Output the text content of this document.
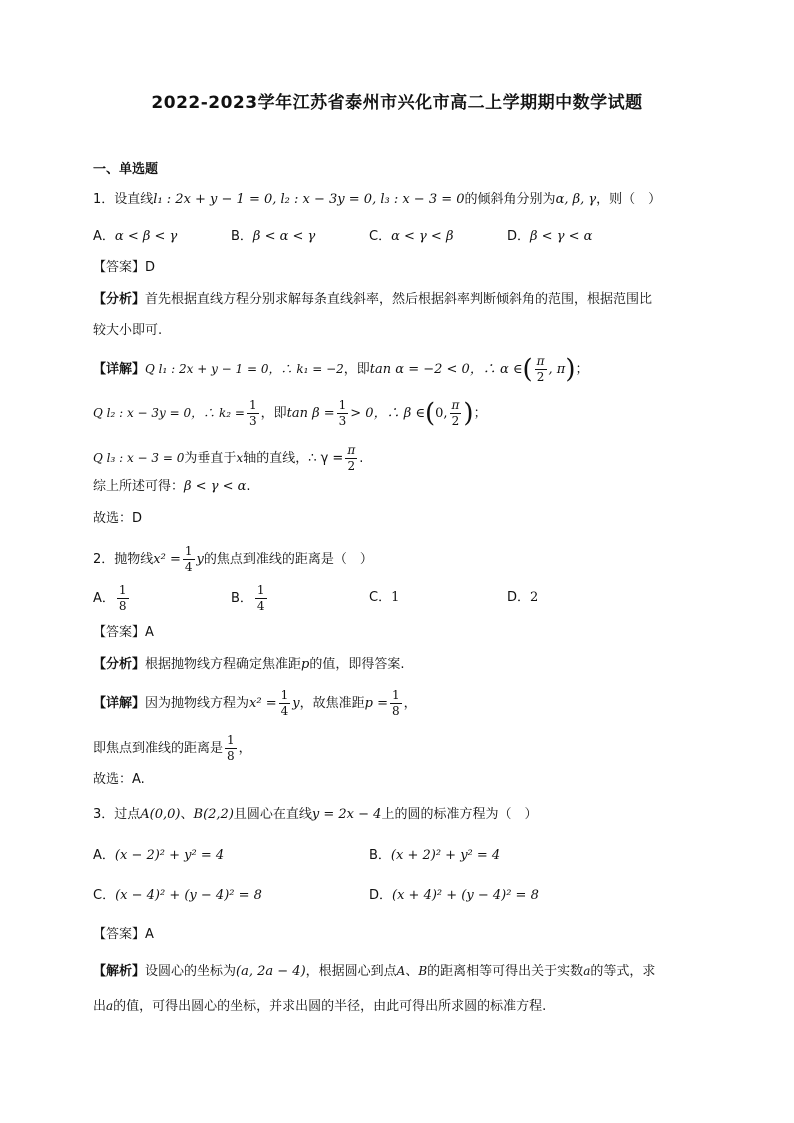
2022-2023学年江苏省泰州市兴化市高二上学期期中数学试题
一、单选题
1．设直线l₁ : 2x + y − 1 = 0, l₂ : x − 3y = 0, l₃ : x − 3 = 0的倾斜角分别为α, β, γ，则（　）
A．α < β < γ	B．β < α < γ	C．α < γ < β	D．β < γ < α
【答案】D
【分析】首先根据直线方程分别求解每条直线斜率，然后根据斜率判断倾斜角的范围，根据范围比
较大小即可.
【详解】Q l₁ : 2x + y − 1 = 0，∴ k₁ = −2，即tan α = −2 < 0，∴ α ∈( $\frac{\pi}{2}$ , π)；
Q l₂ : x − 3y = 0，∴ $k_2 = \frac{1}{3}$ ，即$\tan \beta = \frac{1}{3} > 0$，∴ β ∈(0, $\frac{\pi}{2}$ )；
Q l₃ : x − 3 = 0为垂直于x轴的直线，∴ $\gamma = \frac{\pi}{2}$ .
综上所述可得：β < γ < α.
故选：D
2．抛物线$x^2 = \frac{1}{4}$ y的焦点到准线的距离是（　）
A． $\frac{1}{8}$	B． $\frac{1}{4}$	C．1	D．2
【答案】A
【分析】根据抛物线方程确定焦准距p的值，即得答案.
【详解】因为抛物线方程为$x^2 = \frac{1}{4}$ y，故焦准距$p = \frac{1}{8}$ ，
即焦点到准线的距离是 $\frac{1}{8}$ ，
故选：A.
3．过点A(0,0)、B(2,2)且圆心在直线y = 2x − 4上的圆的标准方程为（　）
A．(x − 2)² + y² = 4	B．(x + 2)² + y² = 4
C．(x − 4)² + (y − 4)² = 8	D．(x + 4)² + (y − 4)² = 8
【答案】A
【解析】设圆心的坐标为(a, 2a − 4)，根据圆心到点A、B的距离相等可得出关于实数a的等式，求
出a的值，可得出圆心的坐标，并求出圆的半径，由此可得出所求圆的标准方程.
